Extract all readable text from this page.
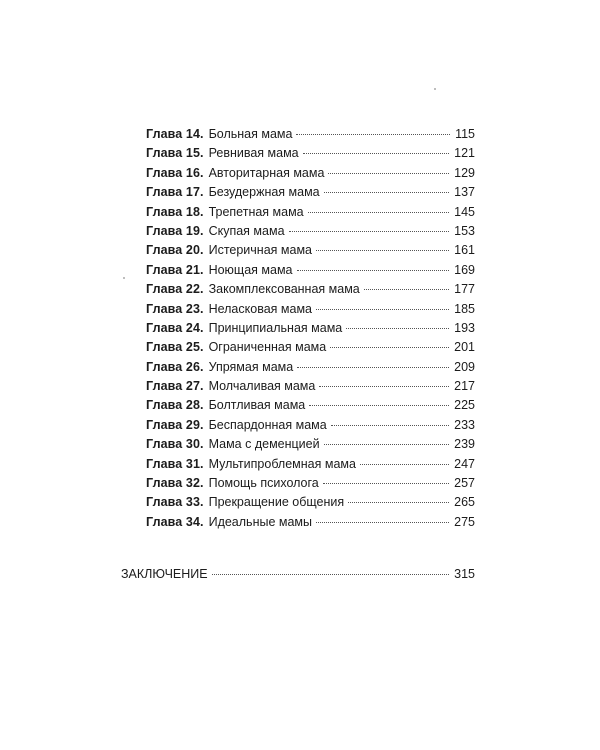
Глава 14. Больная мама	115
Глава 15. Ревнивая мама	121
Глава 16. Авторитарная мама	129
Глава 17. Безудержная мама	137
Глава 18. Трепетная мама	145
Глава 19. Скупая мама	153
Глава 20. Истеричная мама	161
Глава 21. Ноющая мама	169
Глава 22. Закомплексованная мама	177
Глава 23. Неласковая мама	185
Глава 24. Принципиальная мама	193
Глава 25. Ограниченная мама	201
Глава 26. Упрямая мама	209
Глава 27. Молчаливая мама	217
Глава 28. Болтливая мама	225
Глава 29. Беспардонная мама	233
Глава 30. Мама с деменцией	239
Глава 31. Мультипроблемная мама	247
Глава 32. Помощь психолога	257
Глава 33. Прекращение общения	265
Глава 34. Идеальные мамы	275
ЗАКЛЮЧЕНИЕ	315
